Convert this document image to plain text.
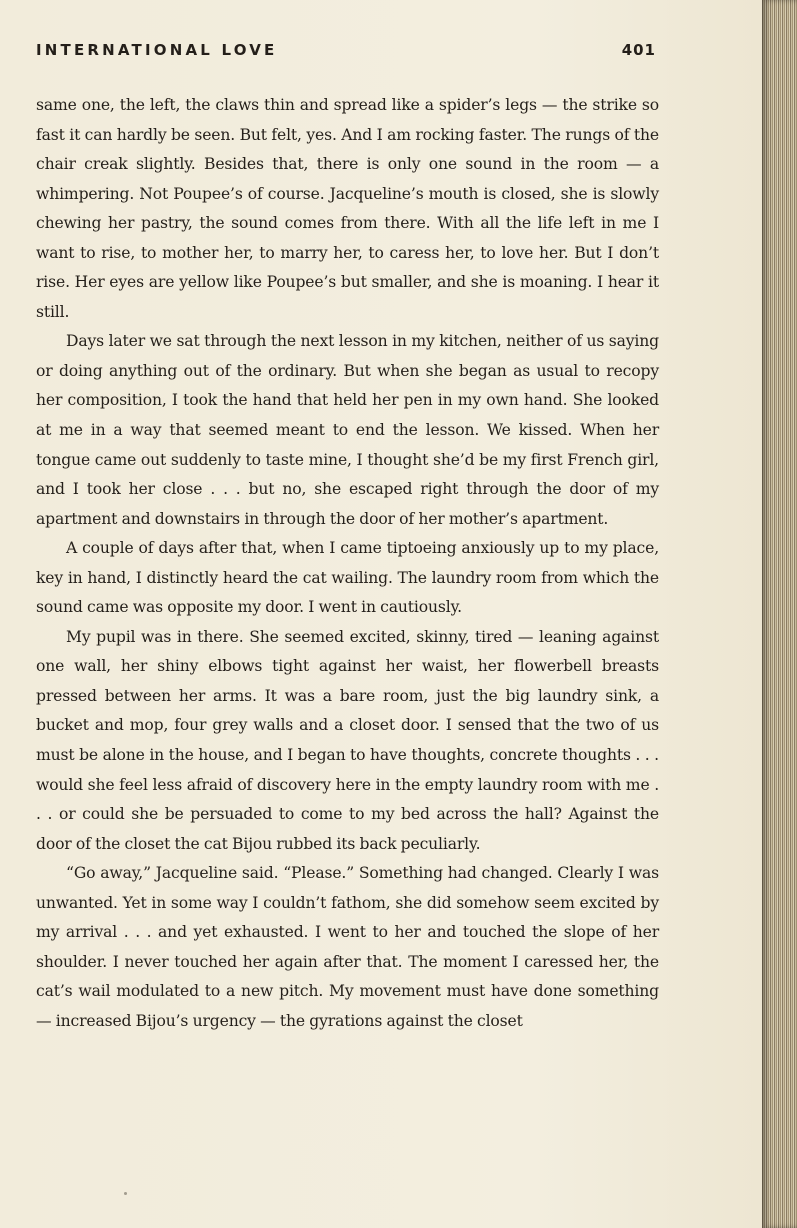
INTERNATIONAL LOVE	401

same one, the left, the claws thin and spread like a spider’s legs — the strike so fast it can hardly be seen. But felt, yes. And I am rocking faster. The rungs of the chair creak slightly. Besides that, there is only one sound in the room — a whimpering. Not Poupee’s of course. Jacqueline’s mouth is closed, she is slowly chewing her pastry, the sound comes from there. With all the life left in me I want to rise, to mother her, to marry her, to caress her, to love her. But I don’t rise. Her eyes are yellow like Poupee’s but smaller, and she is moaning. I hear it still.

Days later we sat through the next lesson in my kitchen, neither of us saying or doing anything out of the ordinary. But when she began as usual to recopy her composition, I took the hand that held her pen in my own hand. She looked at me in a way that seemed meant to end the lesson. We kissed. When her tongue came out suddenly to taste mine, I thought she’d be my first French girl, and I took her close . . . but no, she escaped right through the door of my apartment and downstairs in through the door of her mother’s apartment.

A couple of days after that, when I came tiptoeing anxiously up to my place, key in hand, I distinctly heard the cat wailing. The laundry room from which the sound came was opposite my door. I went in cautiously.

My pupil was in there. She seemed excited, skinny, tired — leaning against one wall, her shiny elbows tight against her waist, her flowerbell breasts pressed between her arms. It was a bare room, just the big laundry sink, a bucket and mop, four grey walls and a closet door. I sensed that the two of us must be alone in the house, and I began to have thoughts, concrete thoughts . . . would she feel less afraid of discovery here in the empty laundry room with me . . . or could she be persuaded to come to my bed across the hall? Against the door of the closet the cat Bijou rubbed its back peculiarly.

“Go away,” Jacqueline said. “Please.” Something had changed. Clearly I was unwanted. Yet in some way I couldn’t fathom, she did somehow seem excited by my arrival . . . and yet exhausted. I went to her and touched the slope of her shoulder. I never touched her again after that. The moment I caressed her, the cat’s wail modulated to a new pitch. My movement must have done something — increased Bijou’s urgency — the gyrations against the closet
